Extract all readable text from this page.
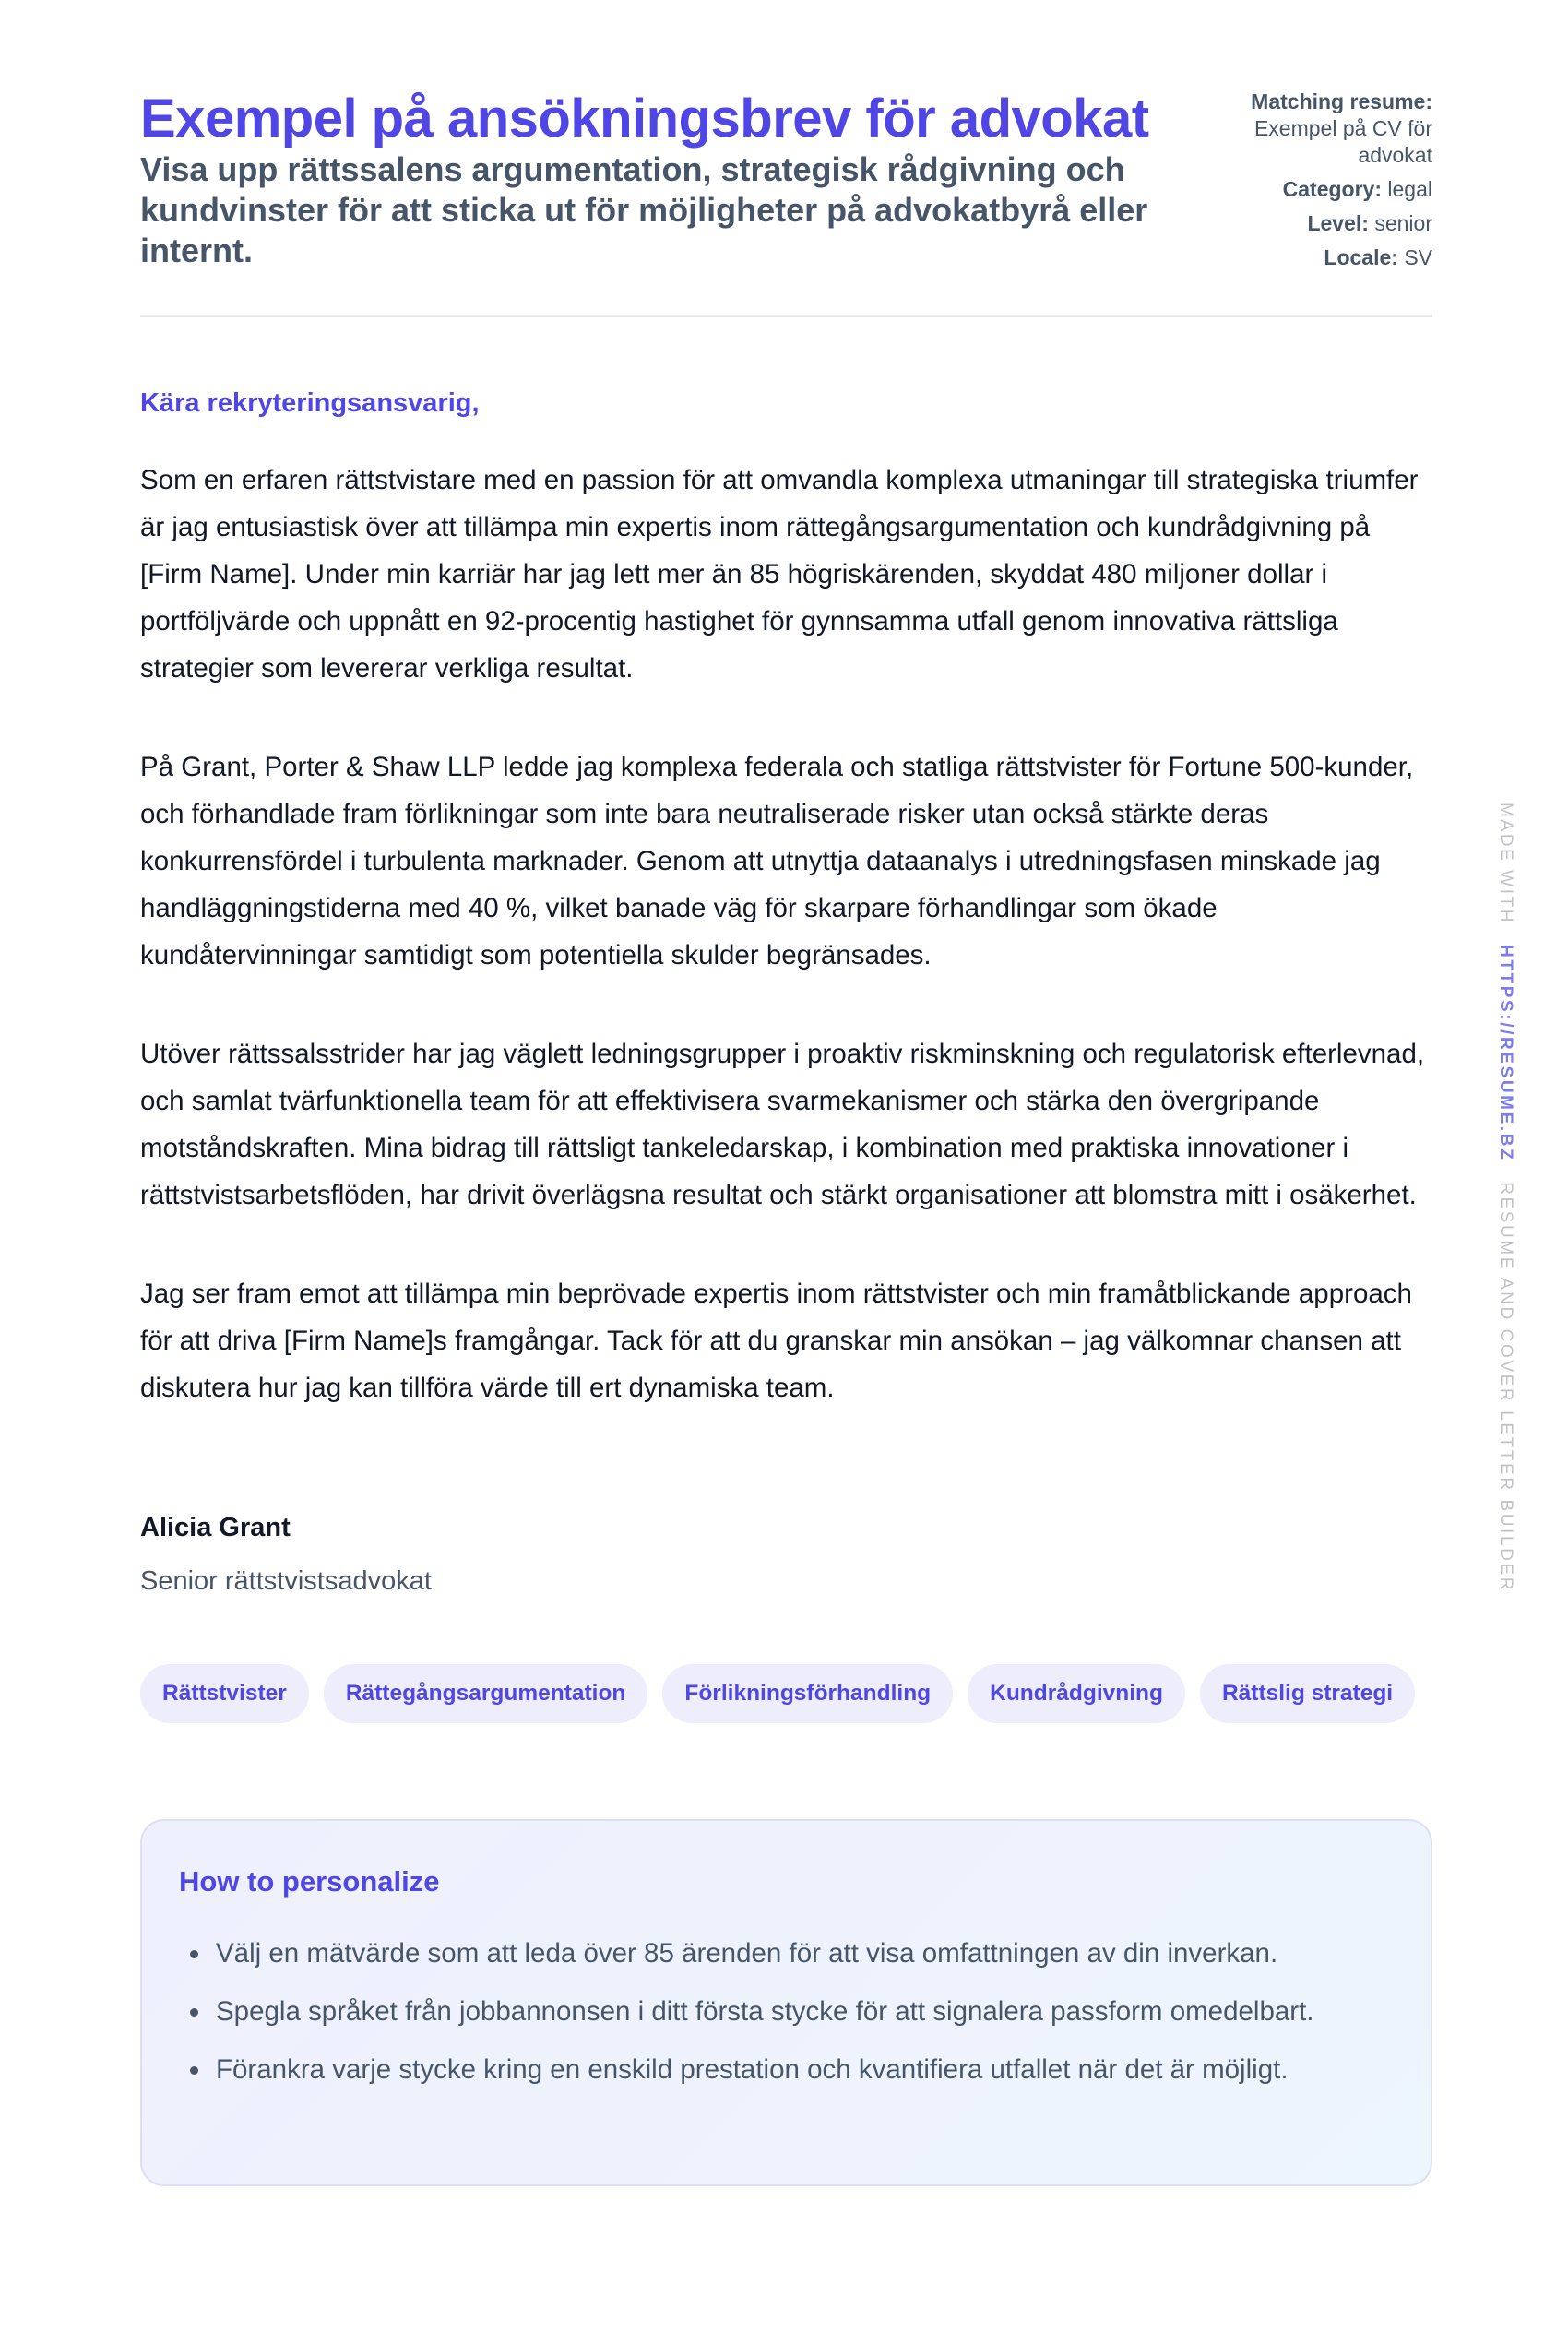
Exempel på ansökningsbrev för advokat
Visa upp rättssalens argumentation, strategisk rådgivning och kundvinster för att sticka ut för möjligheter på advokatbyrå eller internt.
Matching resume:
Exempel på CV för advokat
Category: legal
Level: senior
Locale: SV

Kära rekryteringsansvarig,

Som en erfaren rättstvistare med en passion för att omvandla komplexa utmaningar till strategiska triumfer är jag entusiastisk över att tillämpa min expertis inom rättegångsargumentation och kundrådgivning på [Firm Name]. Under min karriär har jag lett mer än 85 högriskärenden, skyddat 480 miljoner dollar i portföljvärde och uppnått en 92-procentig hastighet för gynnsamma utfall genom innovativa rättsliga strategier som levererar verkliga resultat.

På Grant, Porter & Shaw LLP ledde jag komplexa federala och statliga rättstvister för Fortune 500-kunder, och förhandlade fram förlikningar som inte bara neutraliserade risker utan också stärkte deras konkurrensfördel i turbulenta marknader. Genom att utnyttja dataanalys i utredningsfasen minskade jag handläggningstiderna med 40 %, vilket banade väg för skarpare förhandlingar som ökade kundåtervinningar samtidigt som potentiella skulder begränsades.

Utöver rättssalsstrider har jag väglett ledningsgrupper i proaktiv riskminskning och regulatorisk efterlevnad, och samlat tvärfunktionella team för att effektivisera svarmekanismer och stärka den övergripande motståndskraften. Mina bidrag till rättsligt tankeledarskap, i kombination med praktiska innovationer i rättstvistsarbetsflöden, har drivit överlägsna resultat och stärkt organisationer att blomstra mitt i osäkerhet.

Jag ser fram emot att tillämpa min beprövade expertis inom rättstvister och min framåtblickande approach för att driva [Firm Name]s framgångar. Tack för att du granskar min ansökan – jag välkomnar chansen att diskutera hur jag kan tillföra värde till ert dynamiska team.

Alicia Grant

Senior rättstvistsadvokat

Rättstvister	Rättegångsargumentation	Förlikningsförhandling	Kundrådgivning	Rättslig strategi
How to personalize
Välj en mätvärde som att leda över 85 ärenden för att visa omfattningen av din inverkan.
Spegla språket från jobbannonsen i ditt första stycke för att signalera passform omedelbart.
Förankra varje stycke kring en enskild prestation och kvantifiera utfallet när det är möjligt.
MADE WITH HTTPS://RESUME.BZ RESUME AND COVER LETTER BUILDER
